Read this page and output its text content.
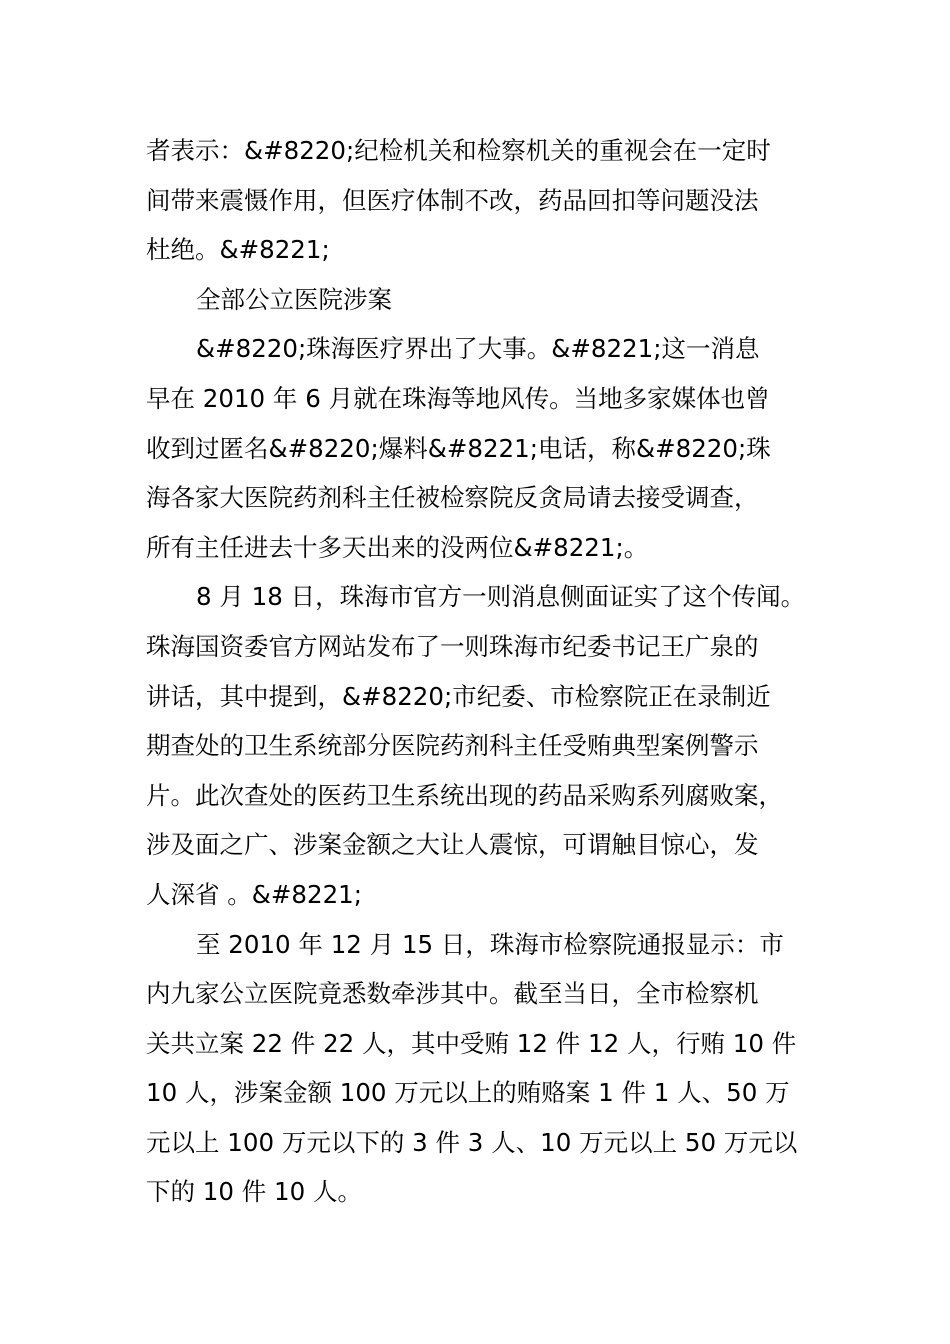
者表示：&#8220;纪检机关和检察机关的重视会在一定时
间带来震慑作用，但医疗体制不改，药品回扣等问题没法
杜绝。&#8221;
全部公立医院涉案
&#8220;珠海医疗界出了大事。&#8221;这一消息
早在 2010 年 6 月就在珠海等地风传。当地多家媒体也曾
收到过匿名&#8220;爆料&#8221;电话，称&#8220;珠
海各家大医院药剂科主任被检察院反贪局请去接受调查，
所有主任进去十多天出来的没两位&#8221;。
8 月 18 日，珠海市官方一则消息侧面证实了这个传闻。
珠海国资委官方网站发布了一则珠海市纪委书记王广泉的
讲话，其中提到，&#8220;市纪委、市检察院正在录制近
期查处的卫生系统部分医院药剂科主任受贿典型案例警示
片。此次查处的医药卫生系统出现的药品采购系列腐败案，
涉及面之广、涉案金额之大让人震惊，可谓触目惊心，发
人深省 。&#8221;
至 2010 年 12 月 15 日，珠海市检察院通报显示：市
内九家公立医院竟悉数牵涉其中。截至当日，全市检察机
关共立案 22 件 22 人，其中受贿 12 件 12 人，行贿 10 件
10 人，涉案金额 100 万元以上的贿赂案 1 件 1 人、50 万
元以上 100 万元以下的 3 件 3 人、10 万元以上 50 万元以
下的 10 件 10 人。
